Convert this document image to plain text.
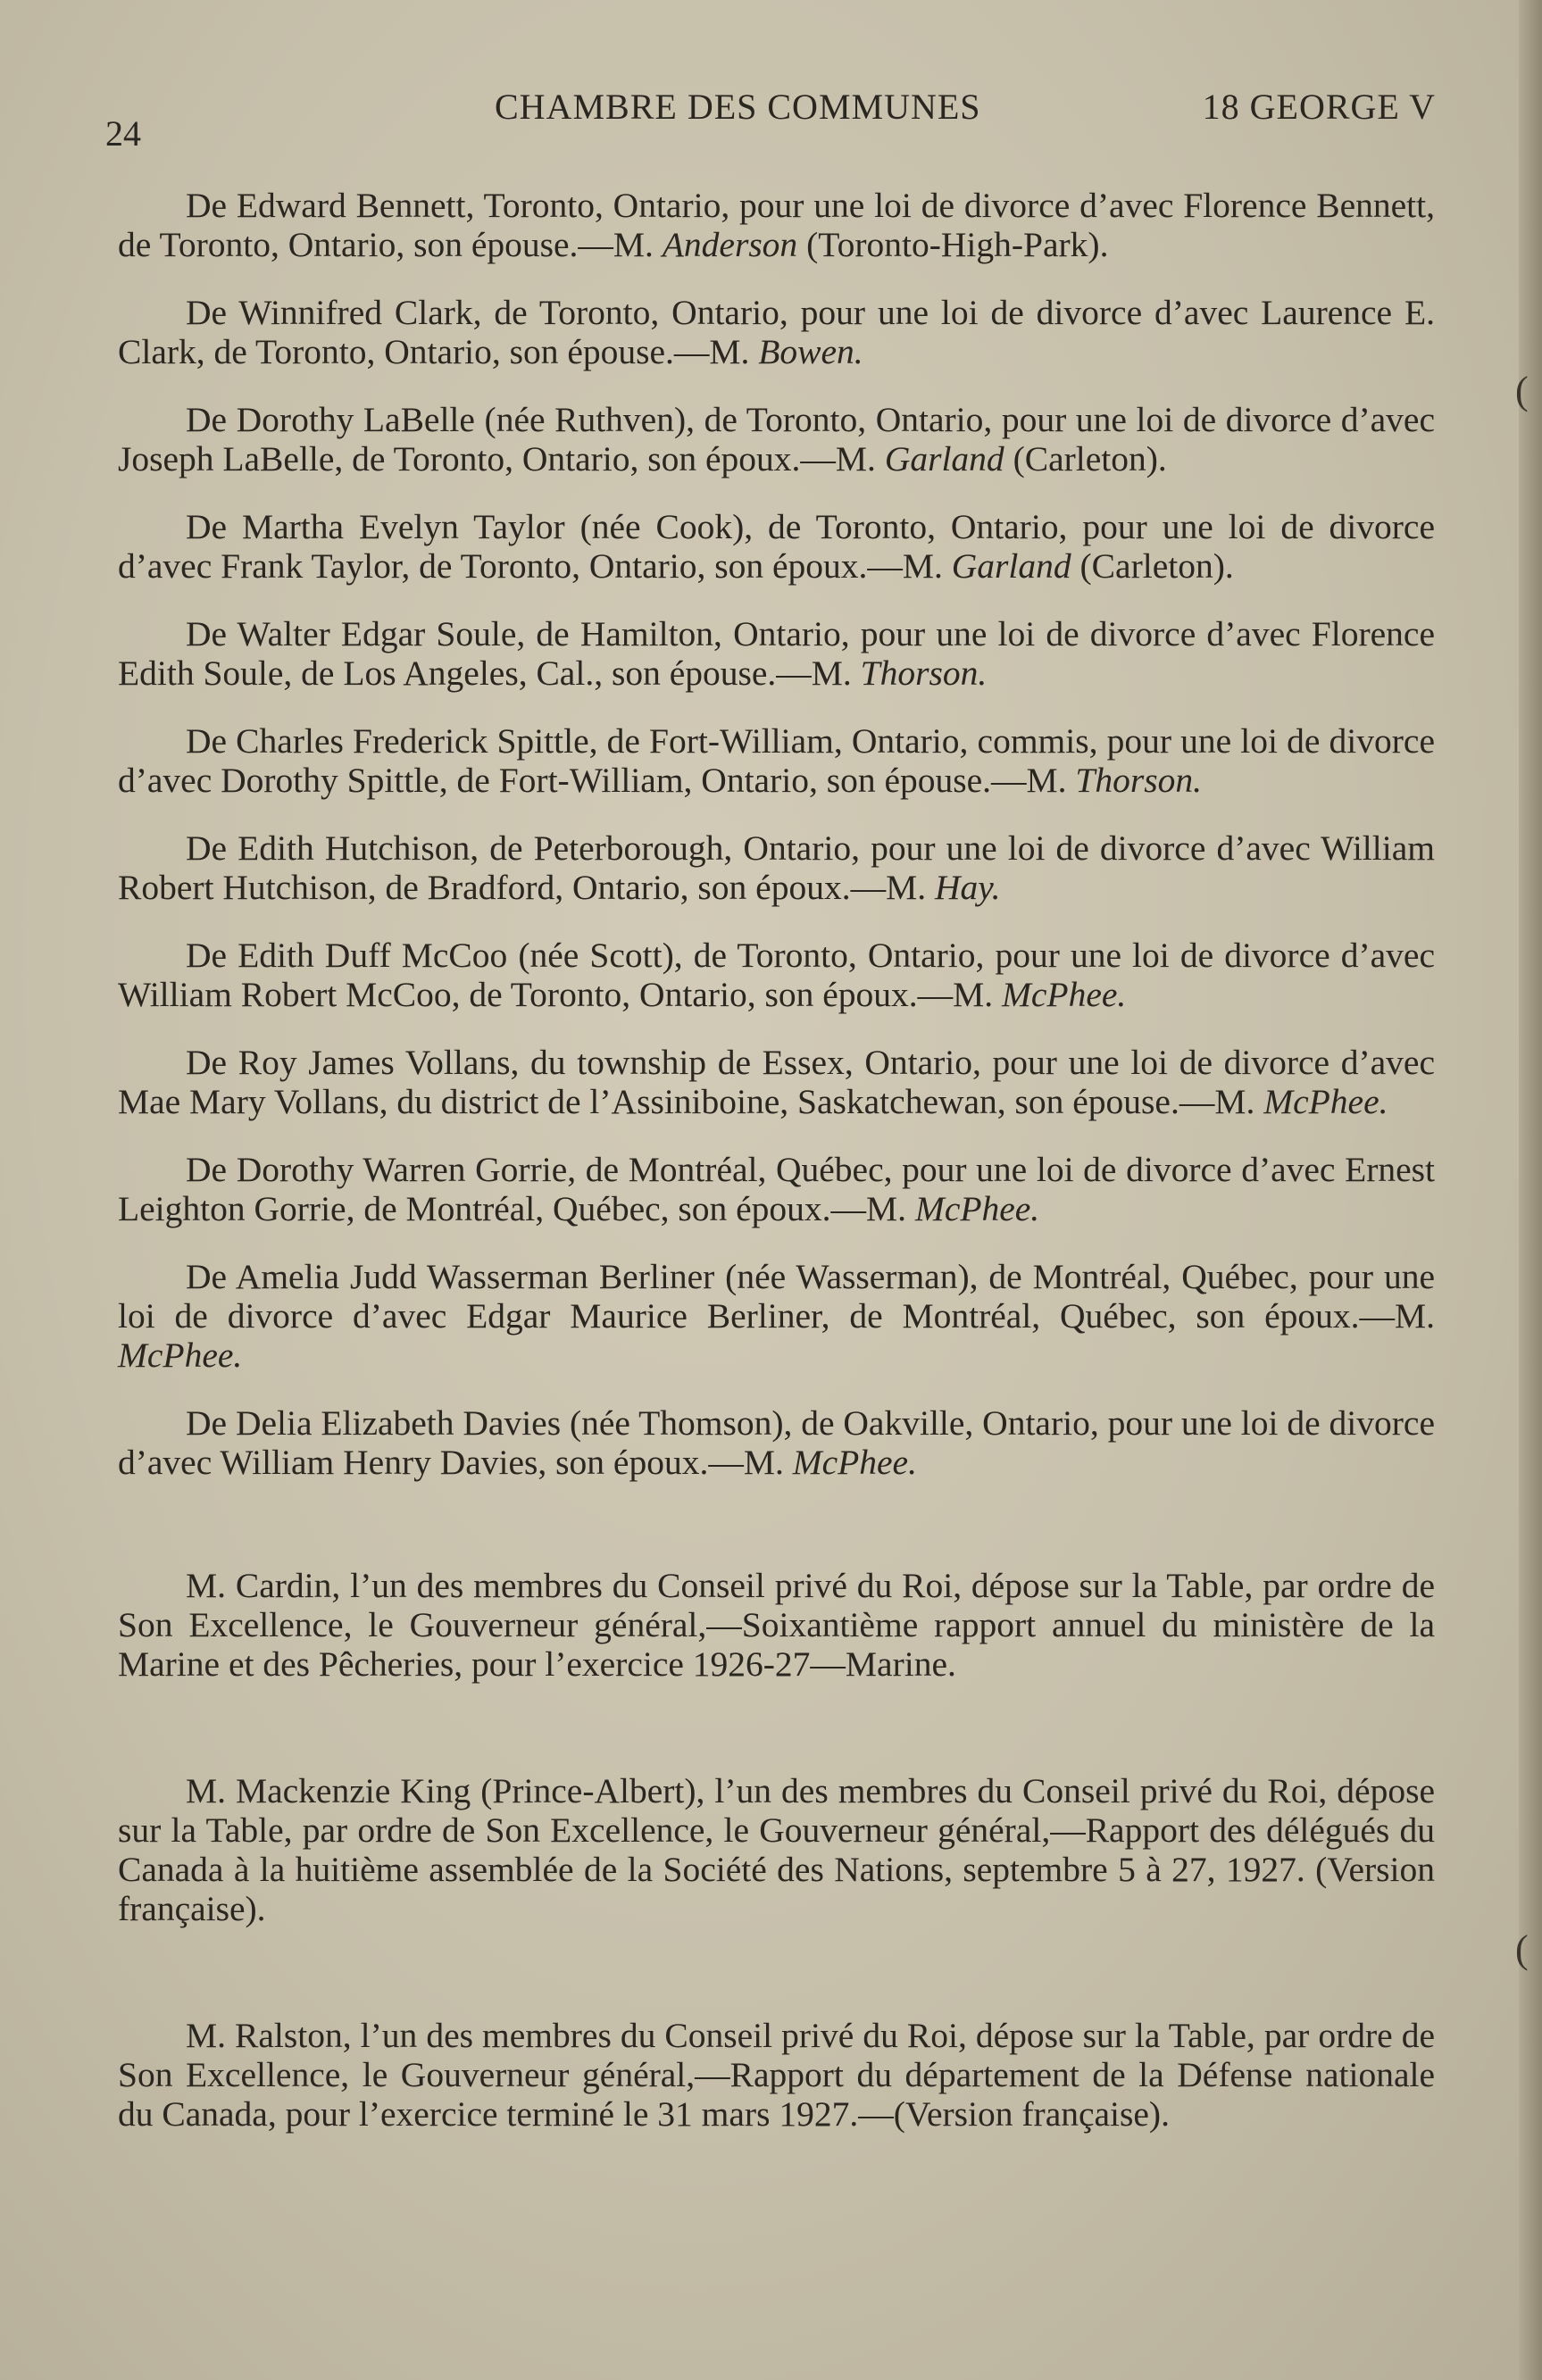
24
CHAMBRE DES COMMUNES	18 GEORGE V

De Edward Bennett, Toronto, Ontario, pour une loi de divorce d’avec Florence Bennett, de Toronto, Ontario, son épouse.—M. Anderson (Toronto-High-Park).

De Winnifred Clark, de Toronto, Ontario, pour une loi de divorce d’avec Laurence E. Clark, de Toronto, Ontario, son épouse.—M. Bowen.

De Dorothy LaBelle (née Ruthven), de Toronto, Ontario, pour une loi de divorce d’avec Joseph LaBelle, de Toronto, Ontario, son époux.—M. Garland (Carleton).

De Martha Evelyn Taylor (née Cook), de Toronto, Ontario, pour une loi de divorce d’avec Frank Taylor, de Toronto, Ontario, son époux.—M. Garland (Carleton).

De Walter Edgar Soule, de Hamilton, Ontario, pour une loi de divorce d’avec Florence Edith Soule, de Los Angeles, Cal., son épouse.—M. Thorson.

De Charles Frederick Spittle, de Fort-William, Ontario, commis, pour une loi de divorce d’avec Dorothy Spittle, de Fort-William, Ontario, son épouse.—M. Thorson.

De Edith Hutchison, de Peterborough, Ontario, pour une loi de divorce d’avec William Robert Hutchison, de Bradford, Ontario, son époux.—M. Hay.

De Edith Duff McCoo (née Scott), de Toronto, Ontario, pour une loi de divorce d’avec William Robert McCoo, de Toronto, Ontario, son époux.—M. McPhee.

De Roy James Vollans, du township de Essex, Ontario, pour une loi de divorce d’avec Mae Mary Vollans, du district de l’Assiniboine, Saskatchewan, son épouse.—M. McPhee.

De Dorothy Warren Gorrie, de Montréal, Québec, pour une loi de divorce d’avec Ernest Leighton Gorrie, de Montréal, Québec, son époux.—M. McPhee.

De Amelia Judd Wasserman Berliner (née Wasserman), de Montréal, Québec, pour une loi de divorce d’avec Edgar Maurice Berliner, de Montréal, Québec, son époux.—M. McPhee.

De Delia Elizabeth Davies (née Thomson), de Oakville, Ontario, pour une loi de divorce d’avec William Henry Davies, son époux.—M. McPhee.

M. Cardin, l’un des membres du Conseil privé du Roi, dépose sur la Table, par ordre de Son Excellence, le Gouverneur général,—Soixantième rapport annuel du ministère de la Marine et des Pêcheries, pour l’exercice 1926-27—Marine.

M. Mackenzie King (Prince-Albert), l’un des membres du Conseil privé du Roi, dépose sur la Table, par ordre de Son Excellence, le Gouverneur général,—Rapport des délégués du Canada à la huitième assemblée de la Société des Nations, septembre 5 à 27, 1927. (Version française).

M. Ralston, l’un des membres du Conseil privé du Roi, dépose sur la Table, par ordre de Son Excellence, le Gouverneur général,—Rapport du département de la Défense nationale du Canada, pour l’exercice terminé le 31 mars 1927.—(Version française).

(
(
